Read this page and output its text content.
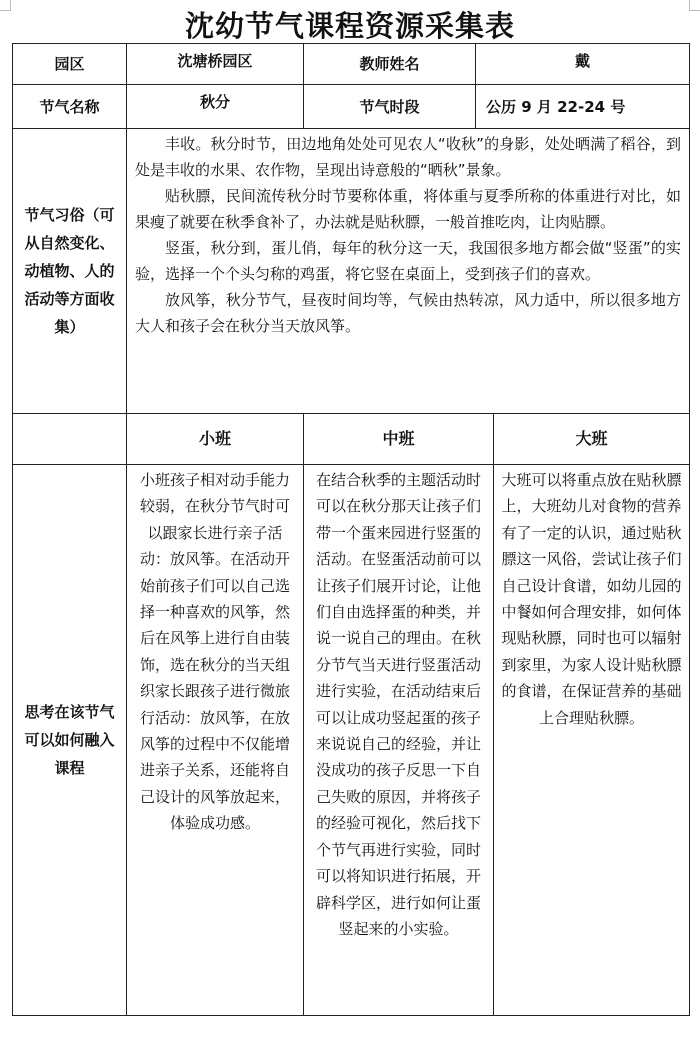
沈幼节气课程资源采集表
园区	沈塘桥园区	教师姓名	戴	
节气名称	秋分	节气时段	公历 9 月 22-24 号	
节气习俗（可从自然变化、动植物、人的活动等方面收集）	丰收。秋分时节，田边地角处处可见农人“收秋”的身影，处处晒满了稻谷，到处是丰收的水果、农作物，呈现出诗意般的“晒秋”景象。
贴秋膘，民间流传秋分时节要称体重，将体重与夏季所称的体重进行对比，如果瘦了就要在秋季食补了，办法就是贴秋膘，一般首推吃肉，让肉贴膘。
竖蛋，秋分到，蛋儿俏，每年的秋分这一天，我国很多地方都会做“竖蛋”的实验，选择一个个头匀称的鸡蛋，将它竖在桌面上，受到孩子们的喜欢。
放风筝，秋分节气，昼夜时间均等，气候由热转凉，风力适中，所以很多地方大人和孩子会在秋分当天放风筝。			

	小班	中班		大班
思考在该节气可以如何融入课程	小班孩子相对动手能力较弱，在秋分节气时可以跟家长进行亲子活动：放风筝。在活动开始前孩子们可以自己选择一种喜欢的风筝，然后在风筝上进行自由装饰，选在秋分的当天组织家长跟孩子进行微旅行活动：放风筝，在放风筝的过程中不仅能增进亲子关系，还能将自己设计的风筝放起来，体验成功感。	在结合秋季的主题活动时可以在秋分那天让孩子们带一个蛋来园进行竖蛋的活动。在竖蛋活动前可以让孩子们展开讨论，让他们自由选择蛋的种类，并说一说自己的理由。在秋分节气当天进行竖蛋活动进行实验，在活动结束后可以让成功竖起蛋的孩子来说说自己的经验，并让没成功的孩子反思一下自己失败的原因，并将孩子的经验可视化，然后找下个节气再进行实验，同时可以将知识进行拓展，开辟科学区，进行如何让蛋竖起来的小实验。		大班可以将重点放在贴秋膘上，大班幼儿对食物的营养有了一定的认识，通过贴秋膘这一风俗，尝试让孩子们自己设计食谱，如幼儿园的中餐如何合理安排，如何体现贴秋膘，同时也可以辐射到家里，为家人设计贴秋膘的食谱，在保证营养的基础上合理贴秋膘。
